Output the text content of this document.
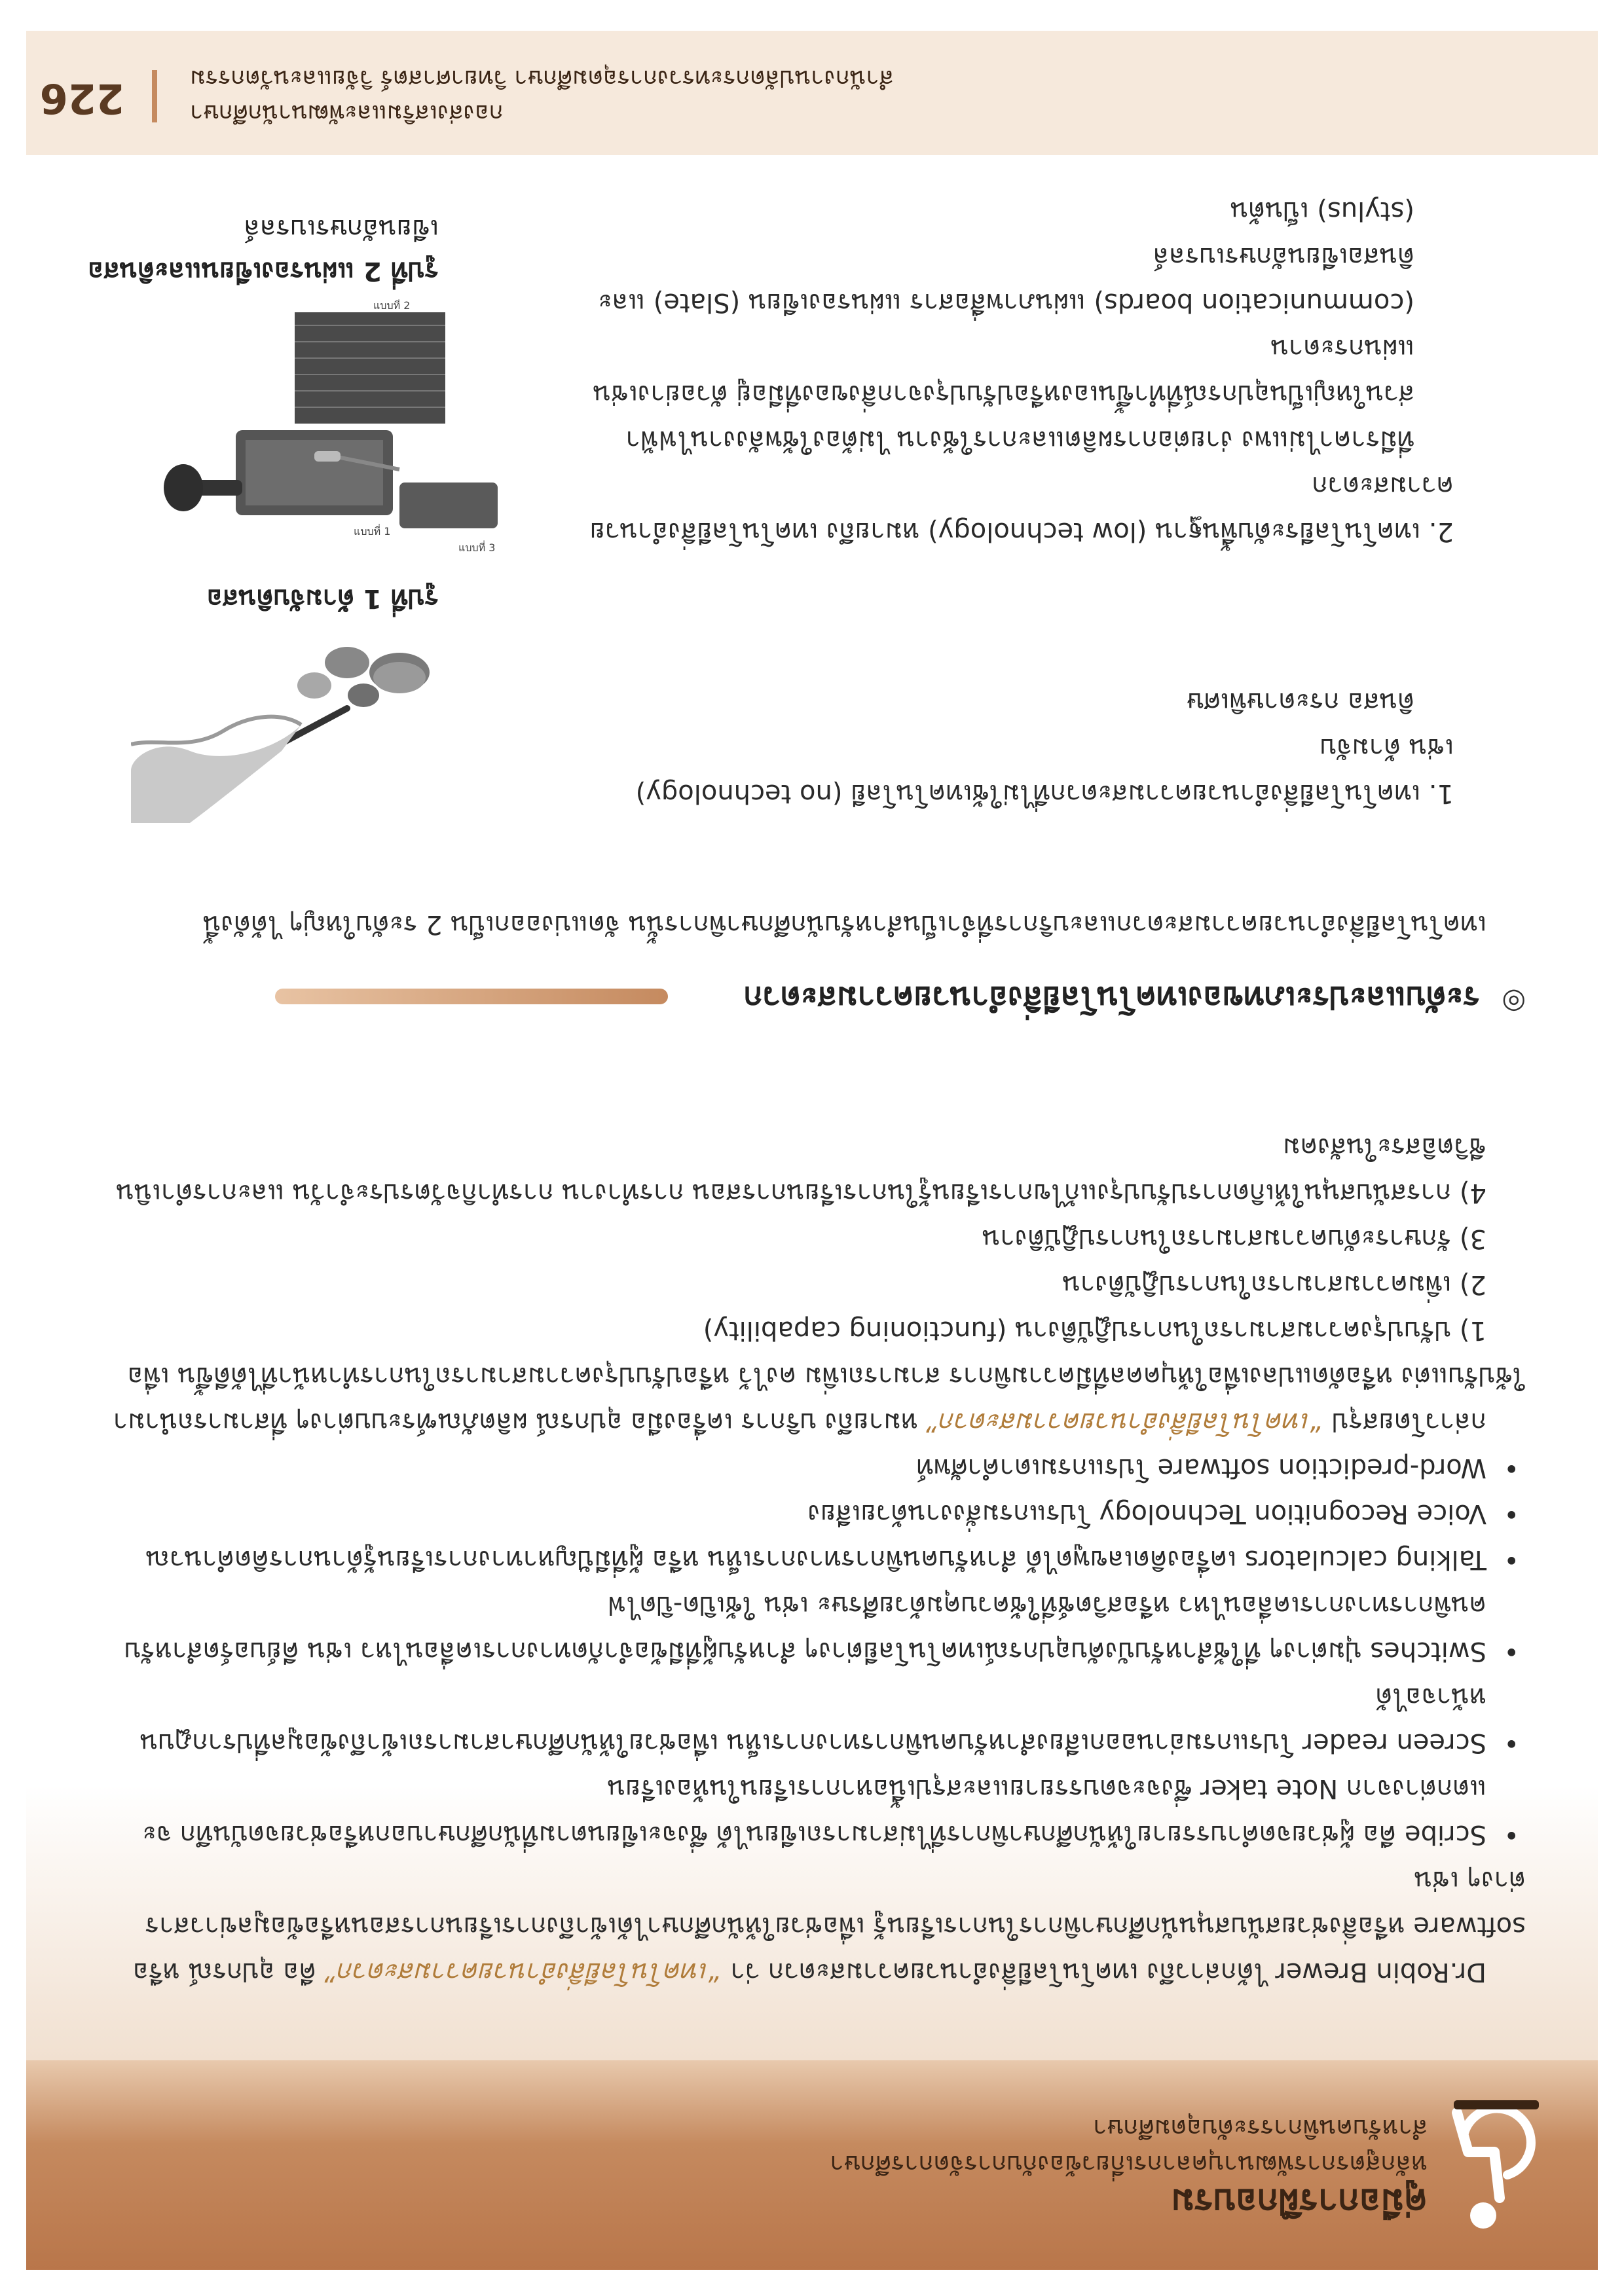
คู่มือการฝึกอบรม
หลักสูตรการพัฒนาบุคลากรเกี่ยวข้องกับการจัดการศึกษา
สำหรับคนพิการระดับอุดมศึกษา

Dr.Robin Brewer ได้กล่าวถึง เทคโนโลยีสิ่งอำนวยความสะดวก ว่า “เทคโนโลยีสิ่งอำนวยความสะดวก” คือ อุปกรณ์ หรือ software หรือสิ่งช่วยสนับสนุนนักศึกษาพิการในการเรียนรู้ เพื่อช่วยให้นักศึกษาได้เข้าถึงการเรียนการสอนหรือข้อมูลข่าวสาร ต่างๆ เช่น

• Scribe คือ ผู้ช่วยจดคำบรรยายให้นักศึกษาพิการที่ไม่สามารถเขียนได้ ซึ่งจะเขียนตามที่นักศึกษาบอกหรือช่วยจดบันทึก จะแตกต่างจาก Note taker ซึ่งจะจดบรรยายและสรุปเนื้อหาการเรียนในห้องเรียน

• Screen reader โปรแกรมอ่านออกเสียงสำหรับคนพิการทางการเห็น เพื่อช่วยให้นักศึกษาสามารถเข้าถึงข้อมูลที่ปรากฏบนหน้าจอได้

• Switches ปุ่มต่างๆ ที่ใช้สำหรับบังคับอุปกรณ์เทคโนโลยีต่างๆ สำหรับผู้ที่มีข้อจำกัดทางการเคลื่อนไหว เช่น คีย์บอร์ดสำหรับคนพิการทางการเคลื่อนไหว หรือสวิตช์ที่ใช้ควบคุมด้วยศีรษะ เช่น ใช้เปิด-ปิดไฟ

• Talking calculators เครื่องคิดเลขพูดได้ สำหรับคนพิการทางการเห็น หรือ ผู้ที่มีปัญหาทางการเรียนรู้ด้านการคิดคำนวณ

• Voice Recognition Technology โปรแกรมสั่งงานด้วยเสียง

• Word-prediction software โปรแกรมเดาคำศัพท์

กล่าวโดยสรุป “เทคโนโลยีสิ่งอำนวยความสะดวก” หมายถึง บริการ เครื่องมือ อุปกรณ์ ผลิตภัณฑ์ระบบต่างๆ ที่สามารถนำมาใช้ปรับแต่ง หรือดัดแปลงเพื่อให้บุคคลที่มีความพิการ สามารถเพิ่ม คงไว้ หรือปรับปรุงความสามารถในการทำหน้าที่ได้ดีขึ้น เพื่อ

1) ปรับปรุงความสามารถในการปฏิบัติงาน (functioning capability)

2) เพิ่มความสามารถในการปฏิบัติงาน

3) รักษาระดับความสามารถในการปฏิบัติงาน

4) การสนับสนุนให้เกิดการปรับปรุงแก้ไขการเรียนรู้ในการเรียนการสอน การทำงาน การทำกิจวัตรประจำวัน และการดำเนินชีวิตอิสระในสังคม

◎
ระดับและประเภทของเทคโนโลยีสิ่งอำนวยความสะดวก

เทคโนโลยีสิ่งอำนวยความสะดวกและบริการที่จำเป็นสำหรับนักศึกษาพิการนั้น จัดแบ่งออกเป็น 2 ระดับใหญ่ๆ ได้ดังนี้

1. เทคโนโลยีสิ่งอำนวยความสะดวกที่ไม่ใช้เทคโนโลยี (no technology) เช่น ด้ามจับ

ดินสอ กระดาษพิเศษ

รูปที่ 1 ด้ามจับดินสอ

2. เทคโนโลยีระดับพื้นฐาน (low technology) หมายถึง เทคโนโลยีสิ่งอำนวยความสะดวก

ที่มีราคาไม่แพง ง่ายต่อการผลิตและการใช้งาน ไม่ต้องใช้พลังงานไฟฟ้า

ส่วนใหญ่เป็นอุปกรณ์ที่ทำขึ้นเองหรือปรับปรุงจากสิ่งของที่มีอยู่ ตัวอย่างเช่น แผ่นกระดาน

(communication boards) แผ่นภาพสื่อสาร แผ่นรองเขียน (Slate) และดินสอเขียนอักษรเบรลล์

(stylus) เป็นต้น

แบบที่ 1
แบบที่ 2
แบบที่ 3
รูปที่ 2 แผ่นรองเขียนและดินสอ
เขียนอักษรเบรลล์
226	กองส่งเสริมและพัฒนานักศึกษา
สำนักงานปลัดกระทรวงการอุดมศึกษา วิทยาศาสตร์ วิจัยและนวัตกรรม
